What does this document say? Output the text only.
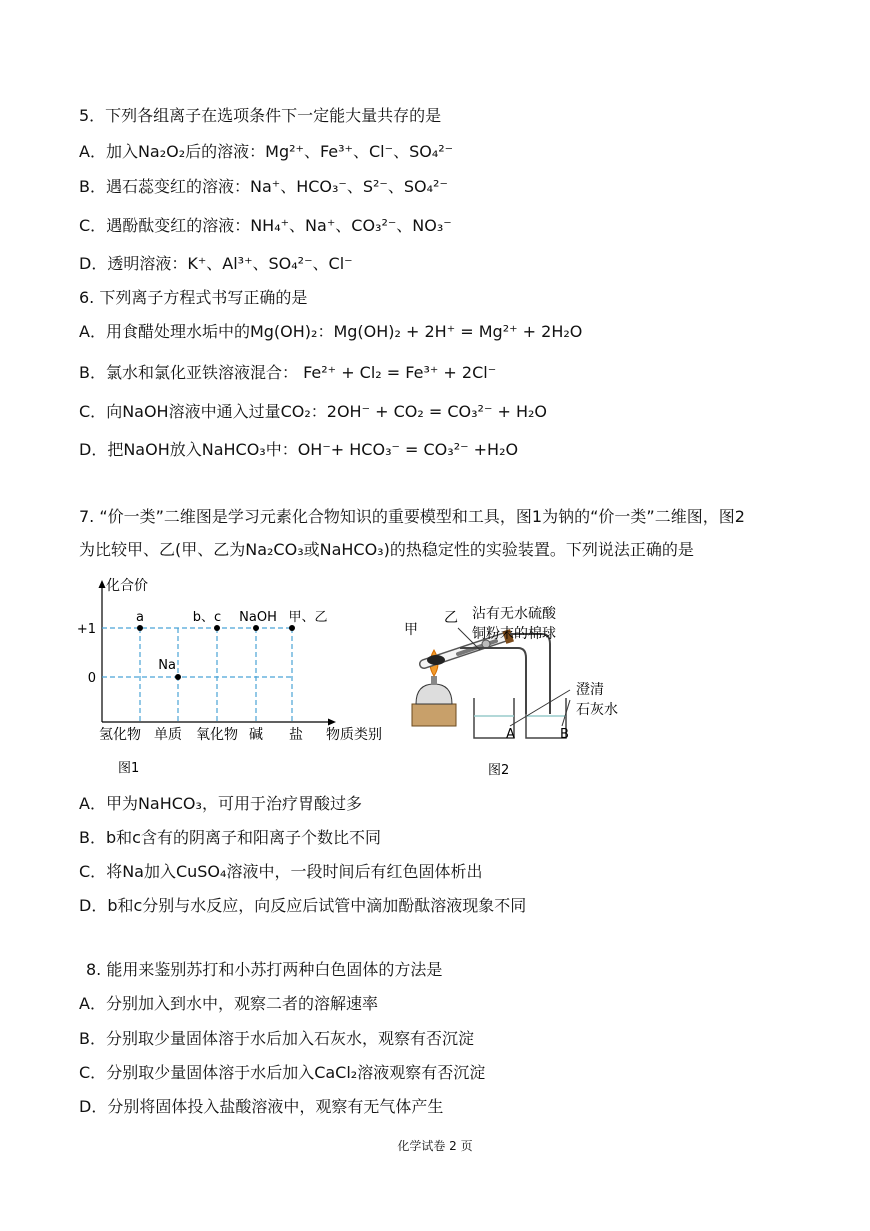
5．下列各组离子在选项条件下一定能大量共存的是
A．加入Na₂O₂后的溶液：Mg²⁺、Fe³⁺、Cl⁻、SO₄²⁻
B．遇石蕊变红的溶液：Na⁺、HCO₃⁻、S²⁻、SO₄²⁻
C．遇酚酞变红的溶液：NH₄⁺、Na⁺、CO₃²⁻、NO₃⁻
D．透明溶液：K⁺、Al³⁺、SO₄²⁻、Cl⁻
6. 下列离子方程式书写正确的是
A．用食醋处理水垢中的Mg(OH)₂：Mg(OH)₂ + 2H⁺ = Mg²⁺ + 2H₂O
B．氯水和氯化亚铁溶液混合： Fe²⁺ + Cl₂ = Fe³⁺ + 2Cl⁻
C．向NaOH溶液中通入过量CO₂：2OH⁻ + CO₂ = CO₃²⁻ + H₂O
D．把NaOH放入NaHCO₃中：OH⁻+ HCO₃⁻ = CO₃²⁻ +H₂O
7. “价一类”二维图是学习元素化合物知识的重要模型和工具，图1为钠的“价一类”二维图，图2
为比较甲、乙(甲、乙为Na₂CO₃或NaHCO₃)的热稳定性的实验装置。下列说法正确的是
化合价
+1
0
氢化物 单质 氧化物 碱 盐 物质类别
a
Na
b、c NaOH 甲、乙
图1
甲
乙 沾有无水硫酸
铜粉末的棉球
澄清
石灰水
A	B
图2
A．甲为NaHCO₃，可用于治疗胃酸过多
B．b和c含有的阴离子和阳离子个数比不同
C．将Na加入CuSO₄溶液中，一段时间后有红色固体析出
D．b和c分别与水反应，向反应后试管中滴加酚酞溶液现象不同
8. 能用来鉴别苏打和小苏打两种白色固体的方法是
A．分别加入到水中，观察二者的溶解速率
B．分别取少量固体溶于水后加入石灰水，观察有否沉淀
C．分别取少量固体溶于水后加入CaCl₂溶液观察有否沉淀
D．分别将固体投入盐酸溶液中，观察有无气体产生
化学试卷 2 页
